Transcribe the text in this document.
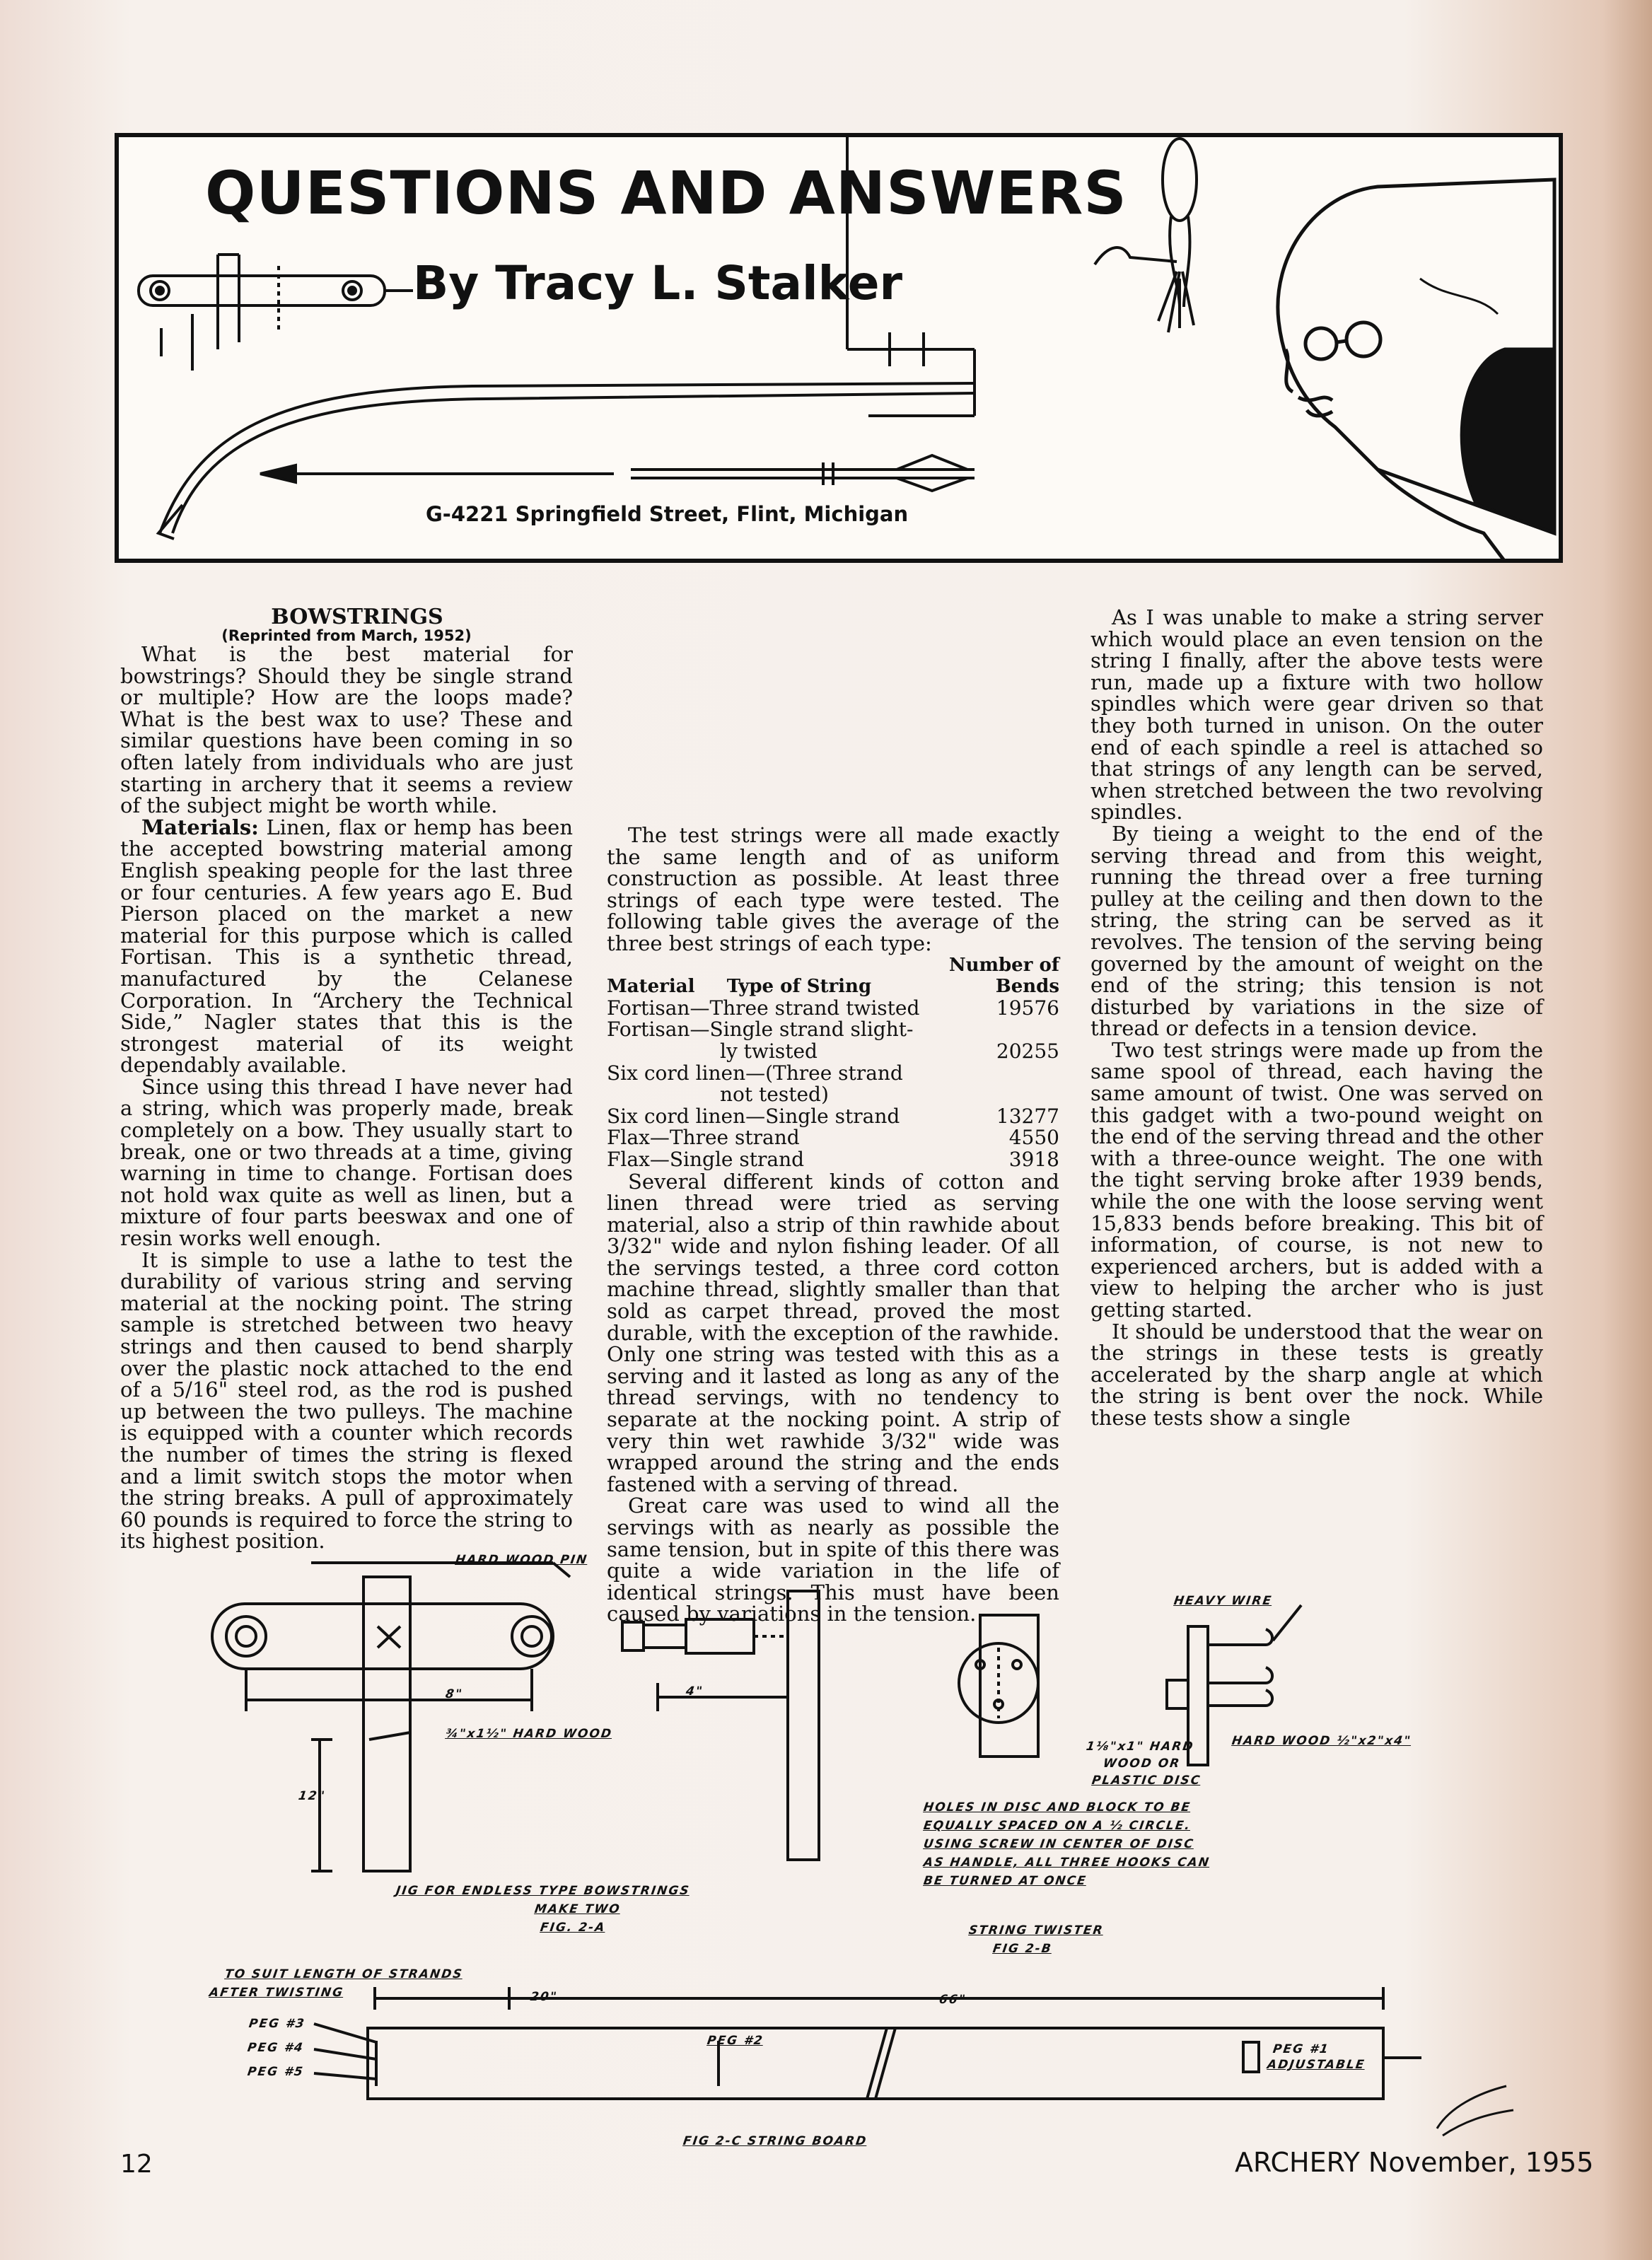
QUESTIONS AND ANSWERS
By Tracy L. Stalker
G-4221 Springfield Street, Flint, Michigan

BOWSTRINGS

(Reprinted from March, 1952)

What is the best material for bowstrings? Should they be single strand or multiple? How are the loops made? What is the best wax to use? These and similar questions have been coming in so often lately from individuals who are just starting in archery that it seems a review of the subject might be worth while.

Materials: Linen, flax or hemp has been the accepted bowstring material among English speaking people for the last three or four centuries. A few years ago E. Bud Pierson placed on the market a new material for this purpose which is called Fortisan. This is a synthetic thread, manufactured by the Celanese Corporation. In “Archery the Technical Side,” Nagler states that this is the strongest material of its weight dependably available.

Since using this thread I have never had a string, which was properly made, break completely on a bow. They usually start to break, one or two threads at a time, giving warning in time to change. Fortisan does not hold wax quite as well as linen, but a mixture of four parts beeswax and one of resin works well enough.

It is simple to use a lathe to test the durability of various string and serving material at the nocking point. The string sample is stretched between two heavy strings and then caused to bend sharply over the plastic nock attached to the end of a 5/16" steel rod, as the rod is pushed up between the two pulleys. The machine is equipped with a counter which records the number of times the string is flexed and a limit switch stops the motor when the string breaks. A pull of approximately 60 pounds is required to force the string to its highest position.

The test strings were all made exactly the same length and of as uniform construction as possible. At least three strings of each type were tested. The following table gives the average of the three best strings of each type:

	Number of
Material Type of String	Bends
Fortisan—Three strand twisted	19576
Fortisan—Single strand slight-	
ly twisted	20255
Six cord linen—(Three strand	
not tested)	
Six cord linen—Single strand	13277
Flax—Three strand	4550
Flax—Single strand	3918

Several different kinds of cotton and linen thread were tried as serving material, also a strip of thin rawhide about 3/32" wide and nylon fishing leader. Of all the servings tested, a three cord cotton machine thread, slightly smaller than that sold as carpet thread, proved the most durable, with the exception of the rawhide. Only one string was tested with this as a serving and it lasted as long as any of the thread servings, with no tendency to separate at the nocking point. A strip of very thin wet rawhide 3/32" wide was wrapped around the string and the ends fastened with a serving of thread.

Great care was used to wind all the servings with as nearly as possible the same tension, but in spite of this there was quite a wide variation in the life of identical strings. This must have been caused by variations in the tension.

As I was unable to make a string server which would place an even tension on the string I finally, after the above tests were run, made up a fixture with two hollow spindles which were gear driven so that they both turned in unison. On the outer end of each spindle a reel is attached so that strings of any length can be served, when stretched between the two revolving spindles.

By tieing a weight to the end of the serving thread and from this weight, running the thread over a free turning pulley at the ceiling and then down to the string, the string can be served as it revolves. The tension of the serving being governed by the amount of weight on the end of the string; this tension is not disturbed by variations in the size of thread or defects in a tension device.

Two test strings were made up from the same spool of thread, each having the same amount of twist. One was served on this gadget with a two-pound weight on the end of the serving thread and the other with a three-ounce weight. The one with the tight serving broke after 1939 bends, while the one with the loose serving went 15,833 bends before breaking. This bit of information, of course, is not new to experienced archers, but is added with a view to helping the archer who is just getting started.

It should be understood that the wear on the strings in these tests is greatly accelerated by the sharp angle at which the string is bent over the nock. While these tests show a single

HARD WOOD PIN
8"	4"
12"
¾"x1½" HARD WOOD
JIG FOR ENDLESS TYPE BOWSTRINGS
MAKE TWO
FIG. 2-A
HEAVY WIRE
1⅛"x1" HARD
WOOD OR
PLASTIC DISC
HARD WOOD ½"x2"x4"
HOLES IN DISC AND BLOCK TO BE
EQUALLY SPACED ON A ½ CIRCLE.
USING SCREW IN CENTER OF DISC
AS HANDLE, ALL THREE HOOKS CAN
BE TURNED AT ONCE
STRING TWISTER
FIG 2-B
TO SUIT LENGTH OF STRANDS
AFTER TWISTING	20"	66"
PEG #3
PEG #4
PEG #5
PEG #2
PEG #1
ADJUSTABLE
FIG 2-C STRING BOARD
12	ARCHERY November, 1955
